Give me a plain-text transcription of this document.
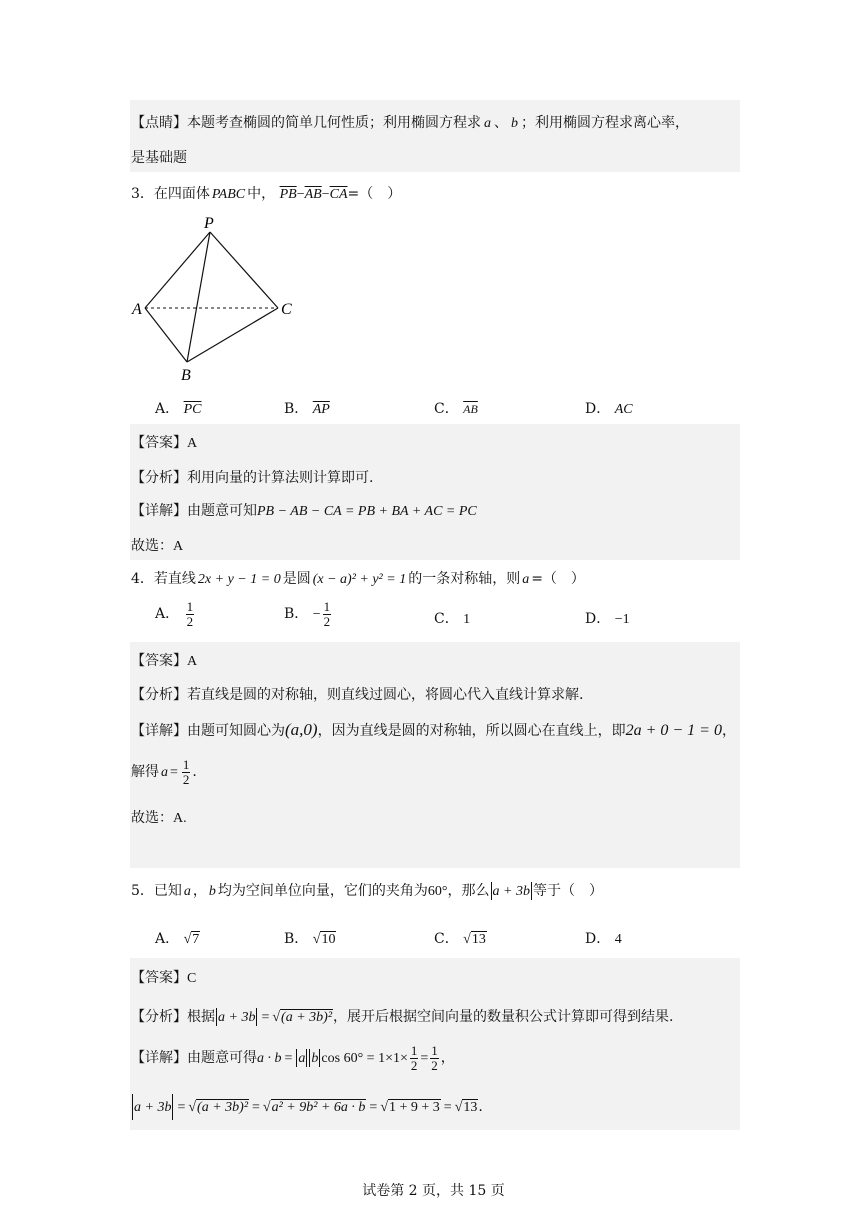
【点睛】本题考查椭圆的简单几何性质；利用椭圆方程求 a 、 b ；利用椭圆方程求离心率，
是基础题
3．在四面体 PABC 中， $\overline{PB}-\overline{AB}-\overline{CA}=$（　）
P
A	C
B
A． $\overline{PC}$	B． $\overline{AP}$	C． $\overline{AB}$	D． AC
【答案】A
【分析】利用向量的计算法则计算即可.
【详解】由题意可知PB − AB − CA = PB + BA + AC = PC
故选：A
4．若直线 2x + y − 1 = 0 是圆 (x − a)² + y² = 1 的一条对称轴，则 a =（　）
A． $\frac{1}{2}$	B． − $\frac{1}{2}$	C． 1	D． −1
【答案】A
【分析】若直线是圆的对称轴，则直线过圆心，将圆心代入直线计算求解.
【详解】由题可知圆心为(a,0)，因为直线是圆的对称轴，所以圆心在直线上，即2a + 0 − 1 = 0，
解得 $a = \frac{1}{2}$ .
故选：A.
5．已知 a ， b 均为空间单位向量，它们的夹角为60°，那么 a + 3b 等于（　）
A． √7	B． √10	C． √13	D． 4
【答案】C
【分析】根据 a + 3b = √(a + 3b)²，展开后根据空间向量的数量积公式计算即可得到结果.
【详解】由题意可得a · b = a b $\cos 60^\circ = 1\times 1\times \frac{1}{2} = \frac{1}{2}$ ，
a + 3b = √(a + 3b)² = √a² + 9b² + 6a · b = √1 + 9 + 3 = √13.
试卷第 2 页，共 15 页
